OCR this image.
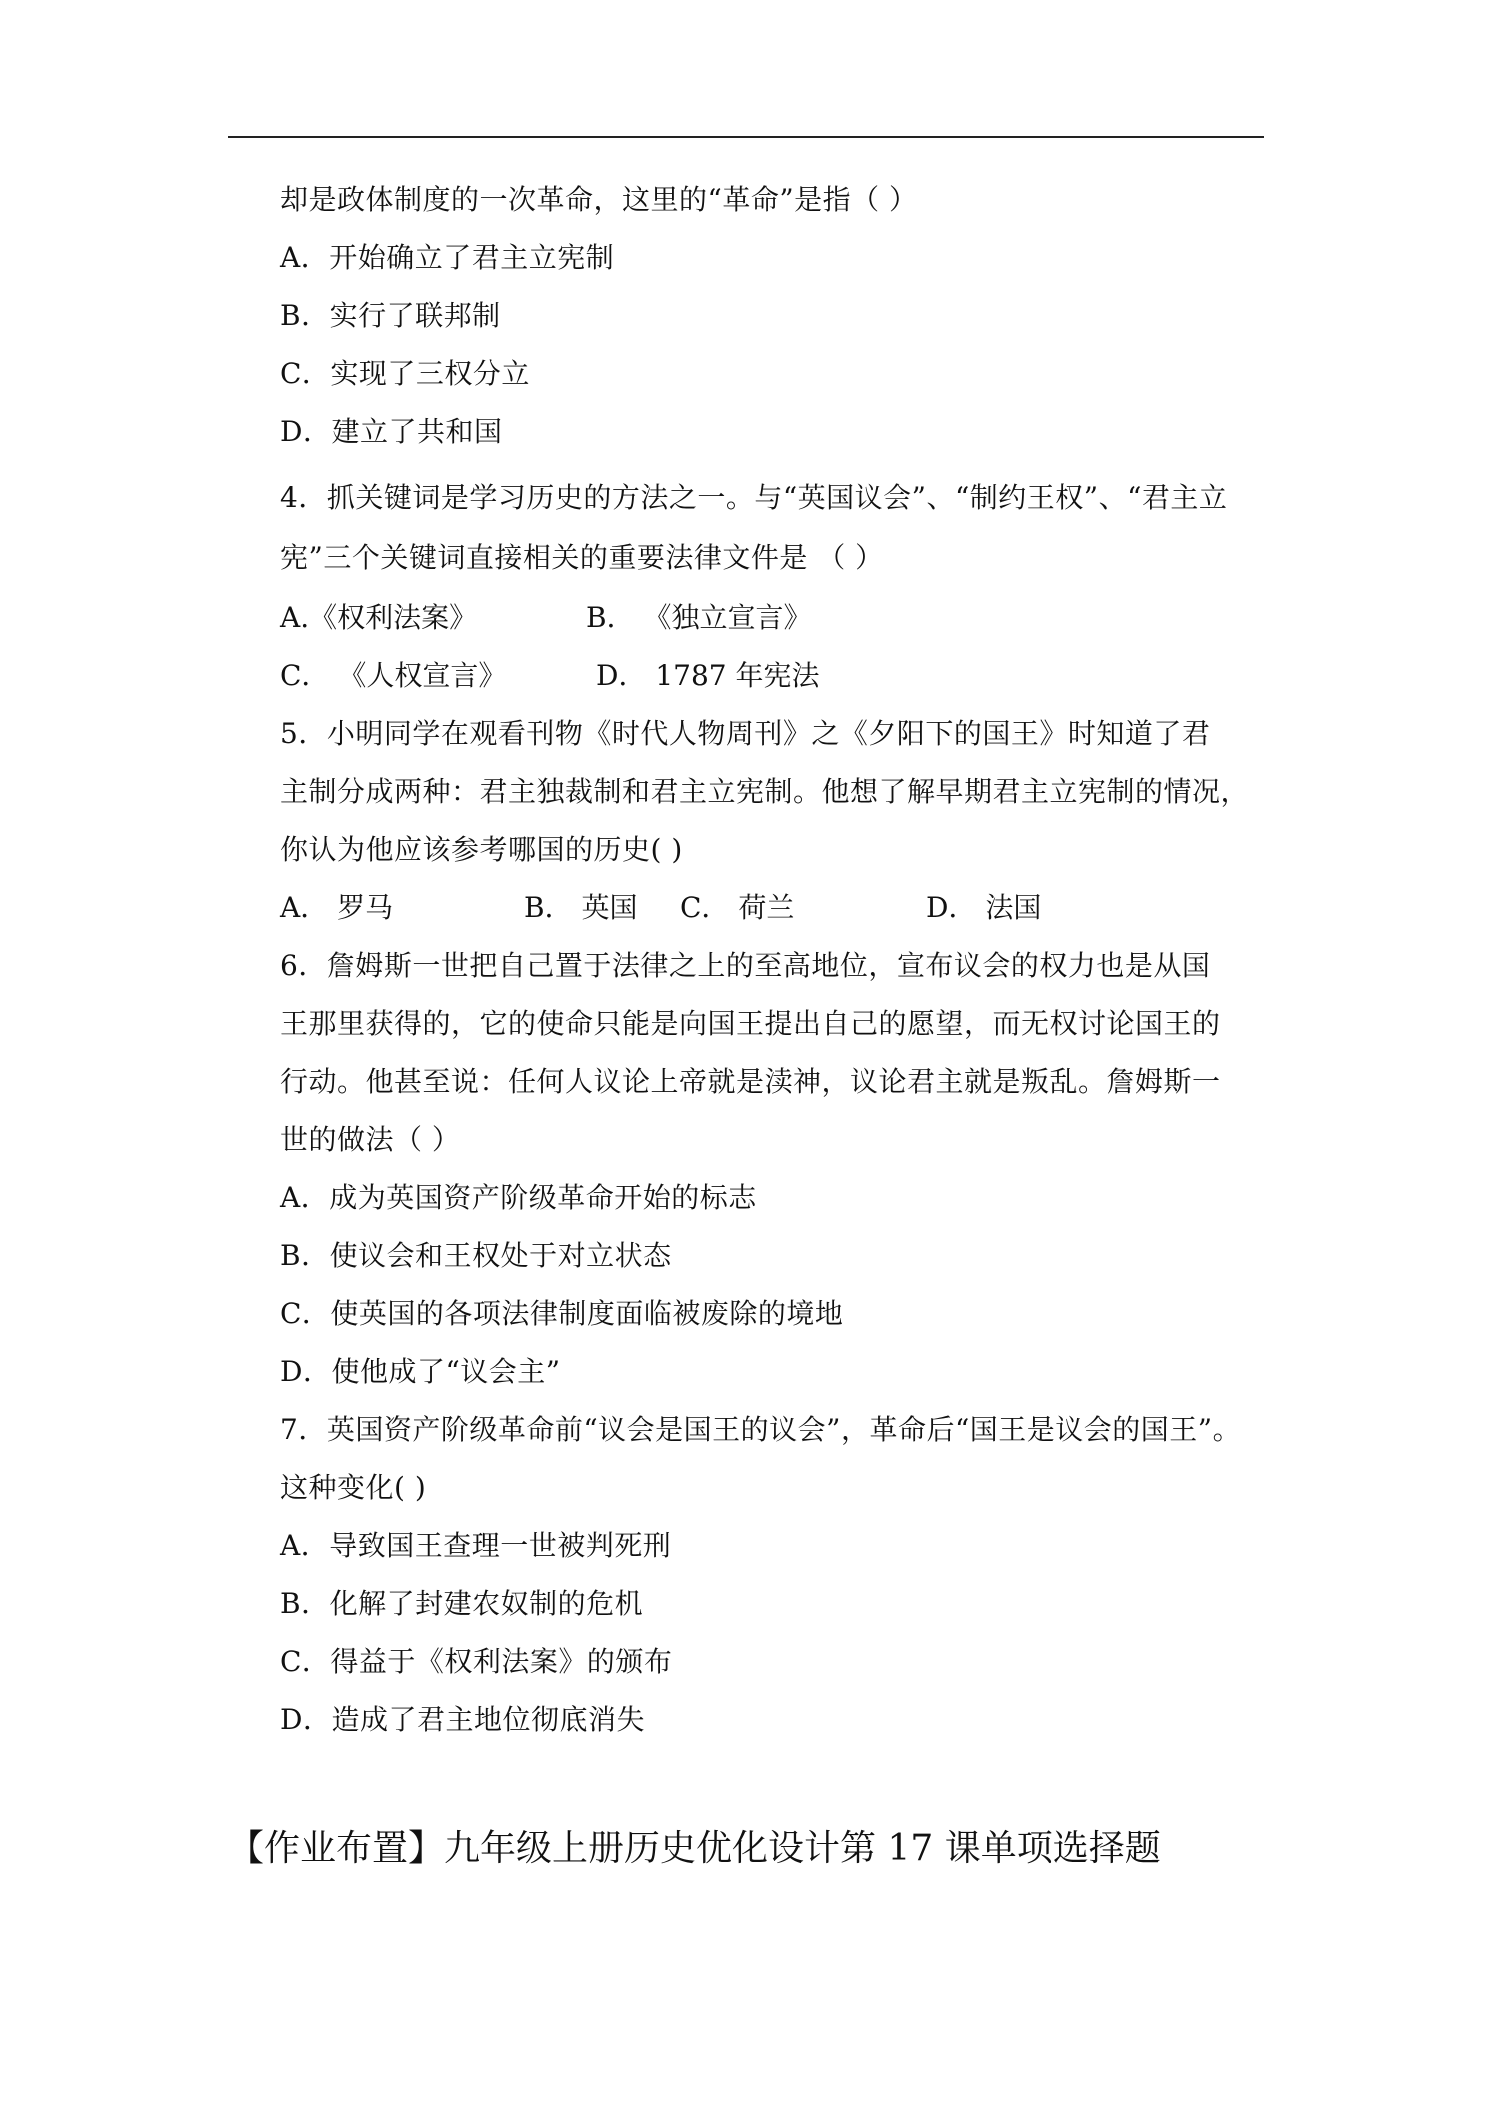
却是政体制度的一次革命，这里的“革命”是指（ ）
A．开始确立了君主立宪制
B．实行了联邦制
C．实现了三权分立
D．建立了共和国
4．抓关键词是学习历史的方法之一。与“英国议会”、“制约王权”、“君主立
宪”三个关键词直接相关的重要法律文件是 （ ）
A.《权利法案》	B． 《独立宣言》
C． 《人权宣言》	D． 1787 年宪法
5．小明同学在观看刊物《时代人物周刊》之《夕阳下的国王》时知道了君
主制分成两种：君主独裁制和君主立宪制。他想了解早期君主立宪制的情况，
你认为他应该参考哪国的历史( )
A． 罗马	B． 英国 C． 荷兰	D． 法国
6．詹姆斯一世把自己置于法律之上的至高地位，宣布议会的权力也是从国
王那里获得的，它的使命只能是向国王提出自己的愿望，而无权讨论国王的
行动。他甚至说：任何人议论上帝就是渎神，议论君主就是叛乱。詹姆斯一
世的做法（ ）
A．成为英国资产阶级革命开始的标志
B．使议会和王权处于对立状态
C．使英国的各项法律制度面临被废除的境地
D．使他成了“议会主”
7．英国资产阶级革命前“议会是国王的议会”，革命后“国王是议会的国王”。
这种变化( )
A．导致国王查理一世被判死刑
B．化解了封建农奴制的危机
C．得益于《权利法案》的颁布
D．造成了君主地位彻底消失
【作业布置】九年级上册历史优化设计第 17 课单项选择题
